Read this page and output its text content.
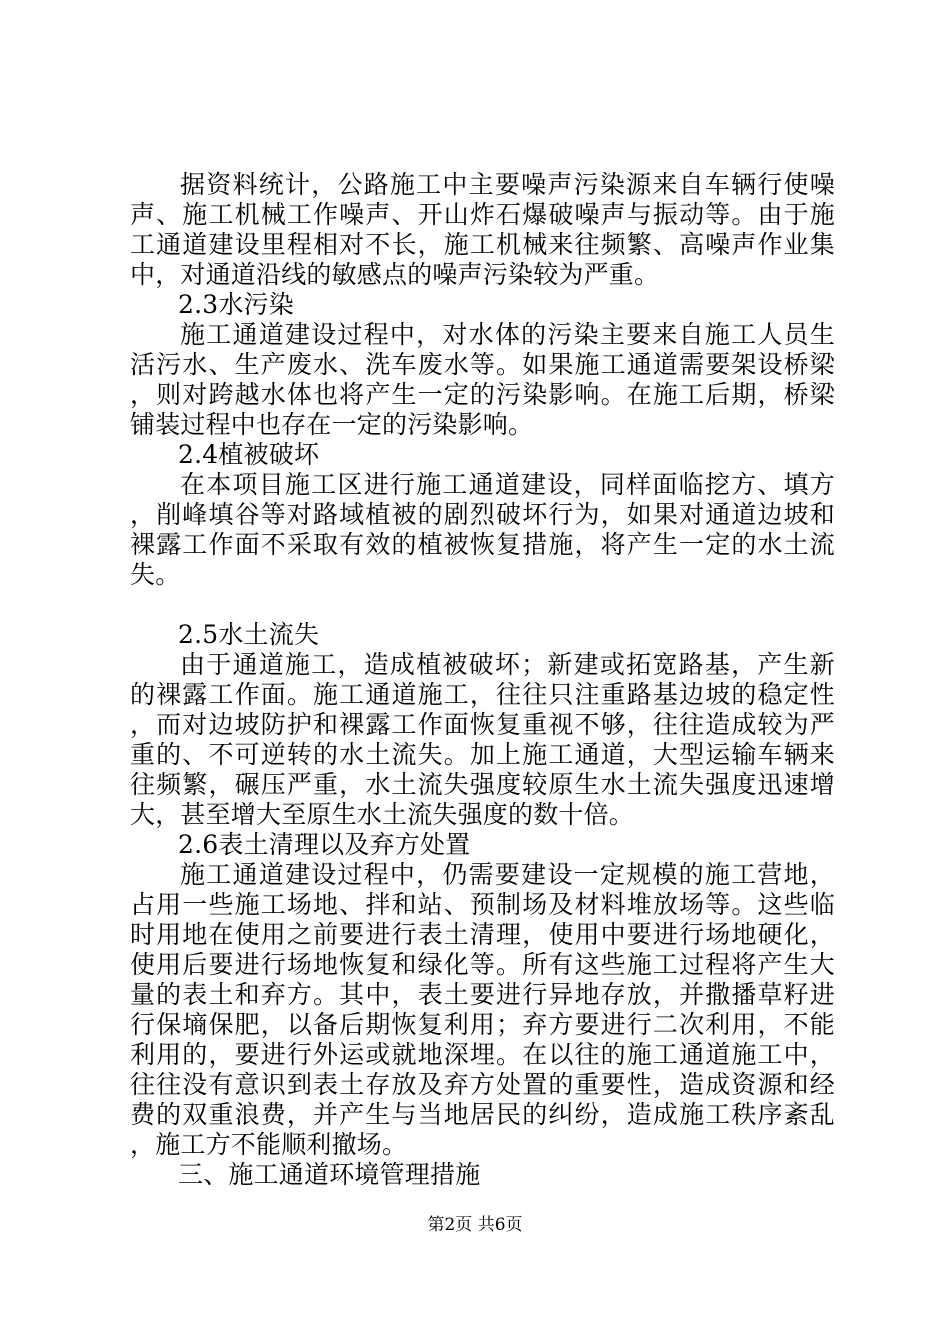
据资料统计，公路施工中主要噪声污染源来自车辆行使噪声、施工机械工作噪声、开山炸石爆破噪声与振动等。由于施工通道建设里程相对不长，施工机械来往频繁、高噪声作业集中，对通道沿线的敏感点的噪声污染较为严重。

2.3水污染

施工通道建设过程中，对水体的污染主要来自施工人员生活污水、生产废水、洗车废水等。如果施工通道需要架设桥梁，则对跨越水体也将产生一定的污染影响。在施工后期，桥梁铺装过程中也存在一定的污染影响。

2.4植被破坏

在本项目施工区进行施工通道建设，同样面临挖方、填方，削峰填谷等对路域植被的剧烈破坏行为，如果对通道边坡和裸露工作面不采取有效的植被恢复措施，将产生一定的水土流失。

2.5水土流失

由于通道施工，造成植被破坏；新建或拓宽路基，产生新的裸露工作面。施工通道施工，往往只注重路基边坡的稳定性，而对边坡防护和裸露工作面恢复重视不够，往往造成较为严重的、不可逆转的水土流失。加上施工通道，大型运输车辆来往频繁，碾压严重，水土流失强度较原生水土流失强度迅速增大，甚至增大至原生水土流失强度的数十倍。

2.6表土清理以及弃方处置

施工通道建设过程中，仍需要建设一定规模的施工营地，占用一些施工场地、拌和站、预制场及材料堆放场等。这些临时用地在使用之前要进行表土清理，使用中要进行场地硬化，使用后要进行场地恢复和绿化等。所有这些施工过程将产生大量的表土和弃方。其中，表土要进行异地存放，并撒播草籽进行保墒保肥，以备后期恢复利用；弃方要进行二次利用，不能利用的，要进行外运或就地深埋。在以往的施工通道施工中，往往没有意识到表土存放及弃方处置的重要性，造成资源和经费的双重浪费，并产生与当地居民的纠纷，造成施工秩序紊乱，施工方不能顺利撤场。

三、施工通道环境管理措施

第2页 共6页
